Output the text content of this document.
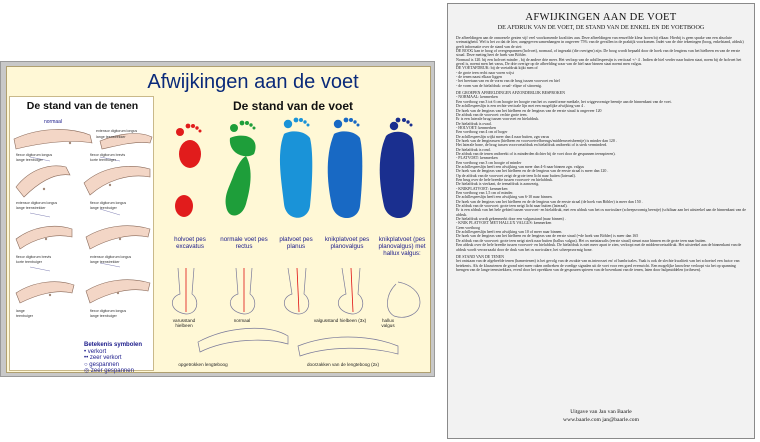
Afwijkingen aan de voet
De stand van de tenen
normaal
extensor digitorum longus
lange teenstrekker
flexor digitorum longus
lange teenbuiger
flexor digitorum brevis
korte teenbuiger
extensor digitorum longus
lange teenstrekker
flexor digitorum longus
lange teenbuiger
flexor digitorum brevis
korte teenbuiger
extensor digitorum longus
lange teenstrekker
lange
teenbuiger
flexor digitorum longus
lange teenbuiger
Betekenis symbolen
• verkort
•• zeer verkort
○ gespannen
◎ zeer gespannen
De stand van de voet
holvoet pes excavatus
normale voet pes rectus
platvoet pes planus
knikplatvoet pes planovalgus
knikplatvoet (pes planovalgus) met hallux valgus:
varusstand hielbeen
normaal	valgusstand hielbeen (3x)	hallux valgus
opgetrokken lengteboog	doorzakken van de lengteboog (2x)
AFWIJKINGEN AAN DE VOET
DE AFDRUK VAN DE VOET, DE STAND VAN DE ENKEL EN DE VOETBOOG

De afbeeldingen aan de onnoezele gezien vijf veel voorkomende kwalities aan. Deze afbeeldingen van eenzelfde kleur horen bij elkaar. Hierbij is geen sprake van een absolute wetmatigheid. Wel is het zo dat de hier, aangegeven samenhangen in ongeveer 75% van de gevallen in de praktijk voorkomen. Indet van de drie tekeningen (boog, enkelstand, afdruk) geeft informatie over de stand van de stet:

DE BOOG kan te hoog of overgespannen (holvoet), normaal, of ingezakt (die overigen) zijn. De boog wordt bepaald door de hoek van de lengteas van het hielbeen en van de eerste straal. Deze meting heet de hoek van Böhler.

Normaal is 120. bij een holvoet minder , bij de andere drie meer. Het verloop van de achillespeesijn is verticaal +/- 4 . Indien de hiel verder naar buiten staat, noem bij de holvoet het geval is, noemt men het varus, De drie overige op de afbeelding waar van de hiel naar binnen staat noemt men valgus.

DE VOETAFDRUK: bij de voetafdruk kijkt men of

- de grote teen recht naar voren wijst

- de tenen naast elkaar liggen

- het breetaan van en de vorm van de brug tussen voorvoet en hiel

- de vorm van de hielafdruk: ovaal- elipse of sitroenig.

DE GROEPEN AFBEELDINGEN AFZONDERLIJK BESPROKEN

- NORMAAL: kenmerken

Een voetboog van 3 tot 6 cm hoogte ter hoogte van het os cuneiforme mediale, het wiggevormige beentje aan de binnenkant van de voet.

De achillespeeslijn is een rechte verticale lijn met een mogelijke afwijking van 4 .

De hoek van de lengteas van het hielbeen en de lengteas van de eerste straal is ongeveer 120

De afdruk van de voorvoet: rechte grote teen.

Er is een laterale brug tussen voorvoet en hielafdruk.

De hielafdruk is ovaal.

- HOLVOET: kenmerken

Een voetboog van 4 cm of hoger

De achillespeeslijn wijkt meer dan 4 naar buiten, zgn varus

De hoek van de lengteassen (hielbeen en voorvoetvelbrerugs/middenvoetsbeentje) is minder dan 120 .

Het laterale bone, de brug tussen voorvoetafdruk en hielafdruk ontbreekt of is sterk verminderd.

De hielafdruk is rond.

De afdruk van de tenen ontbreekt of is minderden dichter bij de voet door de gespannen teenspieren).

- PLATVOET: kenmerken

Een voetboog van 3 cm hoogte of minder

De achillespeeslijn heeft een afwijking van meer dan 4-6 naar binnen zgn. valgus

De hoek van de lengteas van het hielbeen en de de lengteas van de eerste straal is meer dan 120 .

Op de afdruk van de voorvoet zeigt de grote teen licht naar buiten (lateraal).

Een brug over de hele breedte tussen voorvoet- en hielafdruk.

De hielafdruk is vierkant, de teenafdruk is aanwezig.

- KNIKPLATVOET: kenmerken

Een voetboog van 1,5 cm of minder.

De achillespeeslijn heeft een afwijking van 6-10 naar binnen.

De hoek van de lengteas van het hielbeen en de de lengteas van de eerste straal (de hoek van Böhler) is meer dan 150 .

De afdruk van de voorvoet: grote teen neigt licht naar buiten (lateraal).

Er is een afdruk van het hele gebied tussen voorvoet- en hielafdruk, met een afdruk van het os naviculare (scheepsvormig beentje) (schiltaar aan het uitsteekel aan de binnenkant van de afdruk.

De hielafdruk wordt gekenmerkt door een valgusstand (naar binnen) .

- KNIK PLATVOET MET HALLUX VALGUS: kenmerken

Geen voetboog

De achillespeeslijn heeft een afwijking van 10 of meer naar binnen.

De hoek van de lengteas van het hielbeen en de lengteas van de eerste straal (=de hoek van Böhler) is meer dan 165

De afdruk van de voorvoet: grote teen neigt sterk naar buiten (hallux valgus). Het os metatarsalis (eerste straal) steunt naar binnen en de grote teen naar buiten.

Een afdruk over de hele breedte tussen voorvoet- en hielafdruk. De hielafdruk is niet meer apart te zien, verloopt met de middenvoetsafdruk. Het uitsteekel aan de binnenkant van de afdruk wordt veroorzaakt door de druk van het os naviculare, het scheepsvormig bone.

DE STAND VAN DE TENEN

het ontstaan van de afgebeelde tenen (hamertenen) is het gevolg van de zwakte van m.interossei en/ of lumbricales. Vaak is ook de slechte kwaliteit van het schoeisel een factor van betekenis. Als de klauwtenen de grond niet meer raken ontbreken de voedige signalen uit de voet voor een goed evenwicht. Een mogelijke knowlese verloopt via het op spanning brengen van de lange teenstrekkers, evenl door het opvekken van de gespouren spieren van de bovenkant van de tenen, laten door hulpmiddelen (orthesen).

Uitgave van Jan van Baarle
www.baarle.com jan@baarle.com
